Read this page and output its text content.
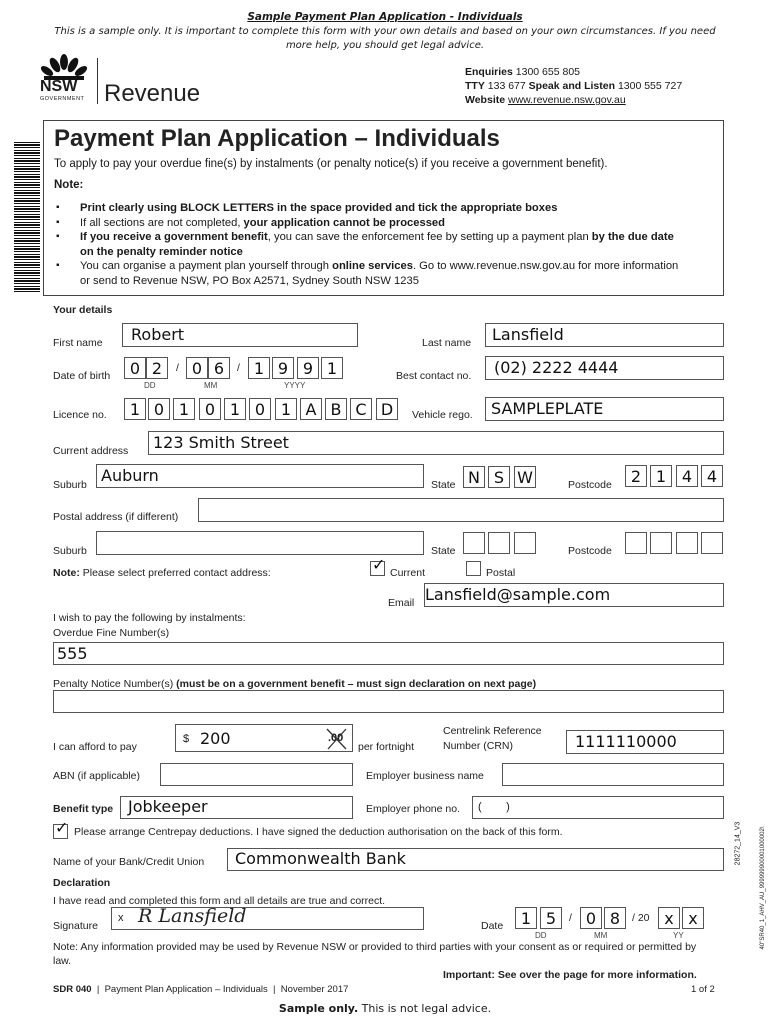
Sample Payment Plan Application - Individuals
This is a sample only. It is important to complete this form with your own details and based on your own circumstances. If you need more help, you should get legal advice.
NSW
GOVERNMENT Revenue
Enquiries 1300 655 805
TTY 133 677 Speak and Listen 1300 555 727
Website www.revenue.nsw.gov.au
Payment Plan Application – Individuals
To apply to pay your overdue fine(s) by instalments (or penalty notice(s) if you receive a government benefit).
Note:
▪ Print clearly using BLOCK LETTERS in the space provided and tick the appropriate boxes
▪ If all sections are not completed, your application cannot be processed
▪ If you receive a government benefit, you can save the enforcement fee by setting up a payment plan by the due date on the penalty reminder notice
▪ You can organise a payment plan yourself through online services. Go to www.revenue.nsw.gov.au for more information or send to Revenue NSW, PO Box A2571, Sydney South NSW 1235
Your details
First name Robert	Last name Lansfield
Date of birth	0 2	/ 0 6	/ 1 9 9 1
DD	MM	YYYY
Best contact no. (02) 2222 4444
Licence no.	1 0 1 0 1 0 1 A B C D	Vehicle rego. SAMPLEPLATE
Current address 123 Smith Street
Suburb Auburn	State N S W	Postcode	2 1 4 4
Postal address (if different)
Suburb	State	Postcode
Note: Please select preferred contact address:	✓ Current	Postal
Email Lansfield@sample.com
I wish to pay the following by instalments:
Overdue Fine Number(s)
555
Penalty Notice Number(s) (must be on a government benefit – must sign declaration on next page)
I can afford to pay
$ 200	.00
per fortnight
Centrelink Reference Number (CRN)	1111110000
ABN (if applicable)	Employer business name
Benefit type Jobkeeper	Employer phone no. (        )
✓ Please arrange Centrepay deductions. I have signed the deduction authorisation on the back of this form.
Name of your Bank/Credit Union Commonwealth Bank
Declaration
I have read and completed this form and all details are true and correct.
Signature
x R Lansfield	Date	1 5	/ 0 8	/ 20 x x
DD	MM	YY
Note: Any information provided may be used by Revenue NSW or provided to third parties with your consent as or required or permitted by law.
Important: See over the page for more information.
SDR 040  |  Payment Plan Application – Individuals  |  November 2017	1 of 2
Sample only. This is not legal advice.
28272_14_V3	40"SR40_1_AHV_AU_999999900001000002\
